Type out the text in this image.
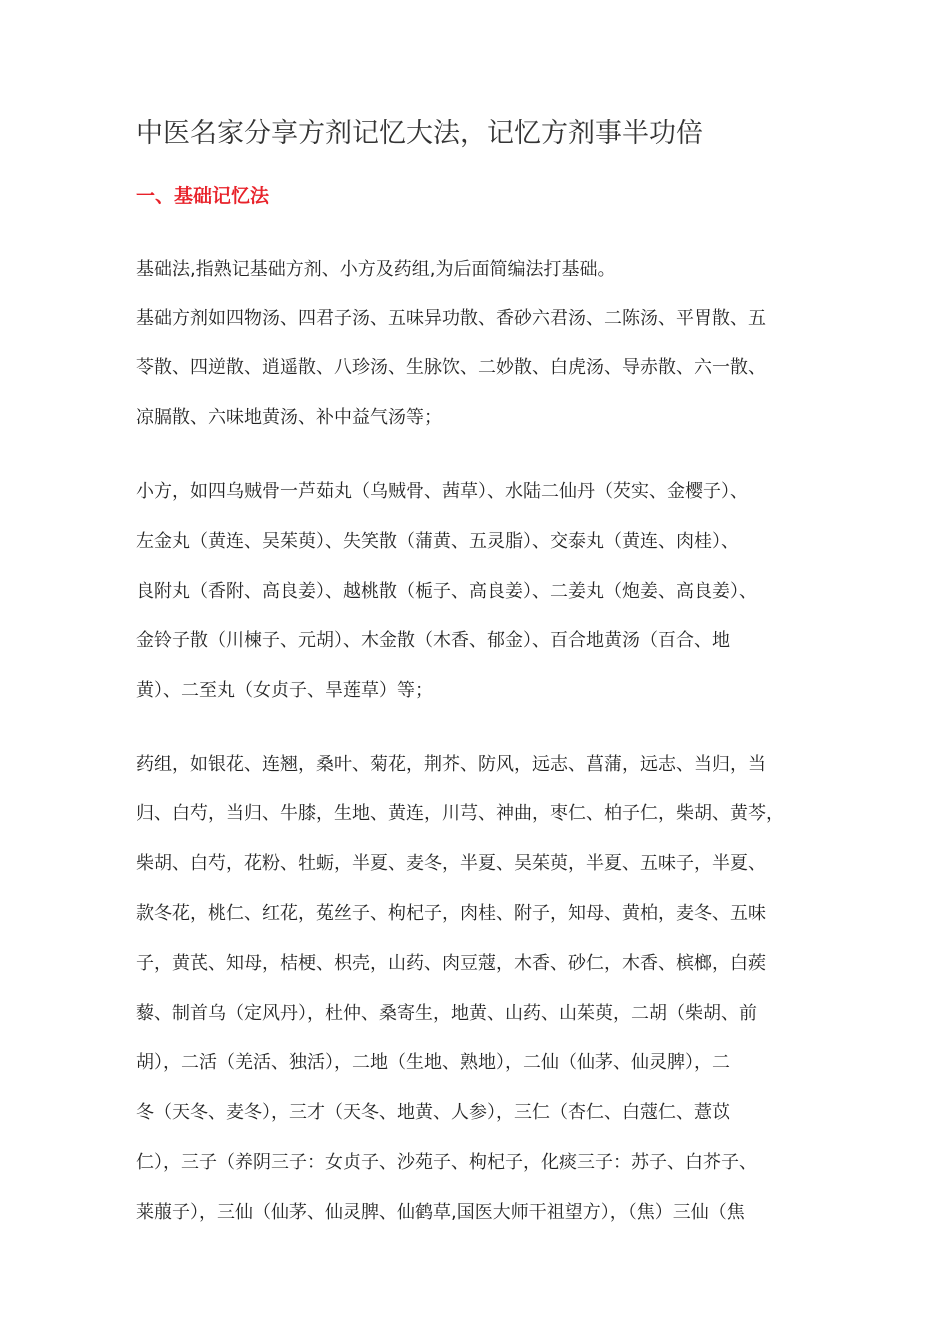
中医名家分享方剂记忆大法，记忆方剂事半功倍
一、基础记忆法
基础法,指熟记基础方剂、小方及药组,为后面简编法打基础。
基础方剂如四物汤、四君子汤、五味异功散、香砂六君汤、二陈汤、平胃散、五
苓散、四逆散、逍遥散、八珍汤、生脉饮、二妙散、白虎汤、导赤散、六一散、
凉膈散、六味地黄汤、补中益气汤等；
小方，如四乌贼骨一芦茹丸（乌贼骨、茜草）、水陆二仙丹（芡实、金樱子）、
左金丸（黄连、吴茱萸）、失笑散（蒲黄、五灵脂）、交泰丸（黄连、肉桂）、
良附丸（香附、高良姜）、越桃散（栀子、高良姜）、二姜丸（炮姜、高良姜）、
金铃子散（川楝子、元胡）、木金散（木香、郁金）、百合地黄汤（百合、地
黄）、二至丸（女贞子、旱莲草）等；
药组，如银花、连翘，桑叶、菊花，荆芥、防风，远志、菖蒲，远志、当归，当
归、白芍，当归、牛膝，生地、黄连，川芎、神曲，枣仁、柏子仁，柴胡、黄芩，
柴胡、白芍，花粉、牡蛎，半夏、麦冬，半夏、吴茱萸，半夏、五味子，半夏、
款冬花，桃仁、红花，菟丝子、枸杞子，肉桂、附子，知母、黄柏，麦冬、五味
子，黄芪、知母，桔梗、枳壳，山药、肉豆蔻，木香、砂仁，木香、槟榔，白蒺
藜、制首乌（定风丹），杜仲、桑寄生，地黄、山药、山茱萸，二胡（柴胡、前
胡），二活（羌活、独活），二地（生地、熟地），二仙（仙茅、仙灵脾），二
冬（天冬、麦冬），三才（天冬、地黄、人参），三仁（杏仁、白蔻仁、薏苡
仁），三子（养阴三子：女贞子、沙苑子、枸杞子，化痰三子：苏子、白芥子、
莱菔子），三仙（仙茅、仙灵脾、仙鹤草,国医大师干祖望方），（焦）三仙（焦
